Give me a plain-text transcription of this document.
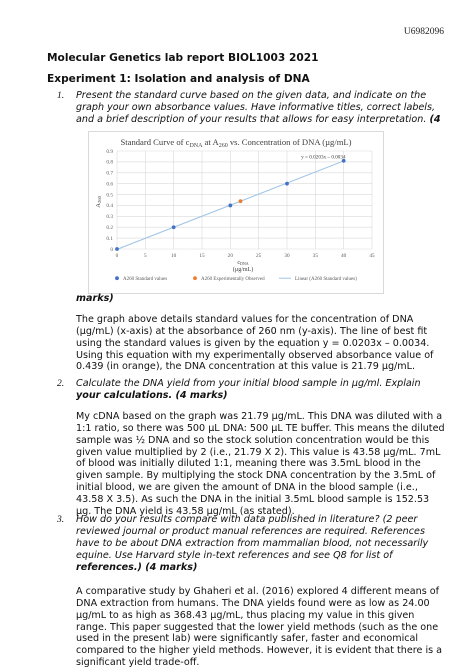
U6982096
Molecular Genetics lab report BIOL1003 2021
Experiment 1: Isolation and analysis of DNA
1. Present the standard curve based on the given data, and indicate on the
graph your own absorbance values. Have informative titles, correct labels,
and a brief description of your results that allows for easy interpretation. (4
Standard Curve of $c_{DNA}$ at $A_{260}$ vs. Concentration of DNA (µg/mL)
0
0.1
0.2
0.3
0.4
0.5
0.6
0.7
0.8
0.9
0	5	10	15	20	25	30	35	40	45
A260
cDNA
(µg/mL)
y = 0.0203x – 0.0034
A260 Standard values	A260 Experimentally Observed	Linear (A260 Standard values)
marks)
The graph above details standard values for the concentration of DNA
(µg/mL) (x-axis) at the absorbance of 260 nm (y-axis). The line of best fit
using the standard values is given by the equation y = 0.0203x – 0.0034.
Using this equation with my experimentally observed absorbance value of
0.439 (in orange), the DNA concentration at this value is 21.79 µg/mL.
2. Calculate the DNA yield from your initial blood sample in µg/ml. Explain
your calculations. (4 marks)
My cDNA based on the graph was 21.79 µg/mL. This DNA was diluted with a
1:1 ratio, so there was 500 µL DNA: 500 µL TE buffer. This means the diluted
sample was ½ DNA and so the stock solution concentration would be this
given value multiplied by 2 (i.e., 21.79 X 2). This value is 43.58 µg/mL. 7mL
of blood was initially diluted 1:1, meaning there was 3.5mL blood in the
given sample. By multiplying the stock DNA concentration by the 3.5mL of
initial blood, we are given the amount of DNA in the blood sample (i.e.,
43.58 X 3.5). As such the DNA in the initial 3.5mL blood sample is 152.53
µg. The DNA yield is 43.58 µg/mL (as stated).
3. How do your results compare with data published in literature? (2 peer
reviewed journal or product manual references are required. References
have to be about DNA extraction from mammalian blood, not necessarily
equine. Use Harvard style in-text references and see Q8 for list of
references.) (4 marks)
A comparative study by Ghaheri et al. (2016) explored 4 different means of
DNA extraction from humans. The DNA yields found were as low as 24.00
µg/mL to as high as 368.43 µg/mL, thus placing my value in this given
range. This paper suggested that the lower yield methods (such as the one
used in the present lab) were significantly safer, faster and economical
compared to the higher yield methods. However, it is evident that there is a
significant yield trade-off.
